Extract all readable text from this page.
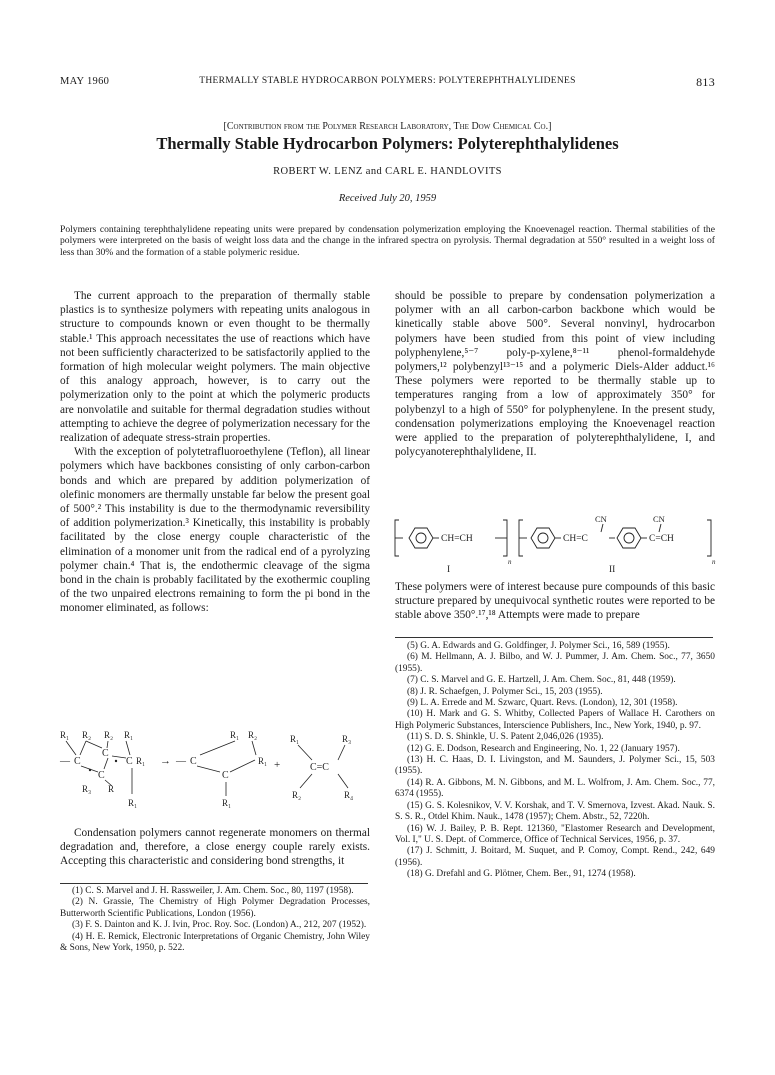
MAY 1960	THERMALLY STABLE HYDROCARBON POLYMERS: POLYTEREPHTHALYLIDENES	813
[Contribution from the Polymer Research Laboratory, The Dow Chemical Co.]
Thermally Stable Hydrocarbon Polymers: Polyterephthalylidenes
ROBERT W. LENZ and CARL E. HANDLOVITS
Received July 20, 1959
Polymers containing terephthalylidene repeating units were prepared by condensation polymerization employing the Knoevenagel reaction. Thermal stabilities of the polymers were interpreted on the basis of weight loss data and the change in the infrared spectra on pyrolysis. Thermal degradation at 550° resulted in a weight loss of less than 30% and the formation of a stable polymeric residue.

The current approach to the preparation of thermally stable plastics is to synthesize polymers with repeating units analogous in structure to compounds known or even thought to be thermally stable.¹ This approach necessitates the use of reactions which have not been sufficiently characterized to be satisfactorily applied to the formation of high molecular weight polymers. The main objective of this analogy approach, however, is to carry out the polymerization only to the point at which the polymeric products are nonvolatile and suitable for thermal degradation studies without attempting to achieve the degree of polymerization necessary for the realization of adequate stress-strain properties.

With the exception of polytetrafluoroethylene (Teflon), all linear polymers which have backbones consisting of only carbon-carbon bonds and which are prepared by addition polymerization of olefinic monomers are thermally unstable far below the present goal of 500°.² This instability is due to the thermodynamic reversibility of addition polymerization.³ Kinetically, this instability is probably facilitated by the close energy couple characteristic of the elimination of a monomer unit from the radical end of a pyrolyzing polymer chain.⁴ That is, the endothermic cleavage of the sigma bond in the chain is probably facilitated by the exothermic coupling of the two unpaired electrons remaining to form the pi bond in the monomer eliminated, as follows:

R₁ R₂ R₂ R₁
— C
C
C
C R₁
R₃ R
R₁
→
R₁ R₂
— C
C
R₁
R₁
+
R₁	R₃
C=C
R₂	R₄

Condensation polymers cannot regenerate monomers on thermal degradation and, therefore, a close energy couple rarely exists. Accepting this characteristic and considering bond strengths, it

(1) C. S. Marvel and J. H. Rassweiler, J. Am. Chem. Soc., 80, 1197 (1958).

(2) N. Grassie, The Chemistry of High Polymer Degradation Processes, Butterworth Scientific Publications, London (1956).

(3) F. S. Dainton and K. J. Ivin, Proc. Roy. Soc. (London) A., 212, 207 (1952).

(4) H. E. Remick, Electronic Interpretations of Organic Chemistry, John Wiley & Sons, New York, 1950, p. 522.

should be possible to prepare by condensation polymerization a polymer with an all carbon-carbon backbone which would be kinetically stable above 500°. Several nonvinyl, hydrocarbon polymers have been studied from this point of view including polyphenylene,⁵⁻⁷ poly-p-xylene,⁸⁻¹¹ phenol-formaldehyde polymers,¹² polybenzyl¹³⁻¹⁵ and a polymeric Diels-Alder adduct.¹⁶ These polymers were reported to be thermally stable up to temperatures ranging from a low of approximately 350° for polybenzyl to a high of 550° for polyphenylene. In the present study, condensation polymerizations employing the Knoevenagel reaction were applied to the preparation of polyterephthalylidene, I, and polycyanoterephthalylidene, II.

CH=CH
n
I
CH=C	C=CH
CN	CN
n
II

These polymers were of interest because pure compounds of this basic structure prepared by unequivocal synthetic routes were reported to be stable above 350°.¹⁷,¹⁸ Attempts were made to prepare

(5) G. A. Edwards and G. Goldfinger, J. Polymer Sci., 16, 589 (1955).

(6) M. Hellmann, A. J. Bilbo, and W. J. Pummer, J. Am. Chem. Soc., 77, 3650 (1955).

(7) C. S. Marvel and G. E. Hartzell, J. Am. Chem. Soc., 81, 448 (1959).

(8) J. R. Schaefgen, J. Polymer Sci., 15, 203 (1955).

(9) L. A. Errede and M. Szwarc, Quart. Revs. (London), 12, 301 (1958).

(10) H. Mark and G. S. Whitby, Collected Papers of Wallace H. Carothers on High Polymeric Substances, Interscience Publishers, Inc., New York, 1940, p. 97.

(11) S. D. S. Shinkle, U. S. Patent 2,046,026 (1935).

(12) G. E. Dodson, Research and Engineering, No. 1, 22 (January 1957).

(13) H. C. Haas, D. I. Livingston, and M. Saunders, J. Polymer Sci., 15, 503 (1955).

(14) R. A. Gibbons, M. N. Gibbons, and M. L. Wolfrom, J. Am. Chem. Soc., 77, 6374 (1955).

(15) G. S. Kolesnikov, V. V. Korshak, and T. V. Smernova, Izvest. Akad. Nauk. S. S. S. R., Otdel Khim. Nauk., 1478 (1957); Chem. Abstr., 52, 7220h.

(16) W. J. Bailey, P. B. Rept. 121360, "Elastomer Research and Development, Vol. I," U. S. Dept. of Commerce, Office of Technical Services, 1956, p. 37.

(17) J. Schmitt, J. Boitard, M. Suquet, and P. Comoy, Compt. Rend., 242, 649 (1956).

(18) G. Drefahl and G. Plötner, Chem. Ber., 91, 1274 (1958).
